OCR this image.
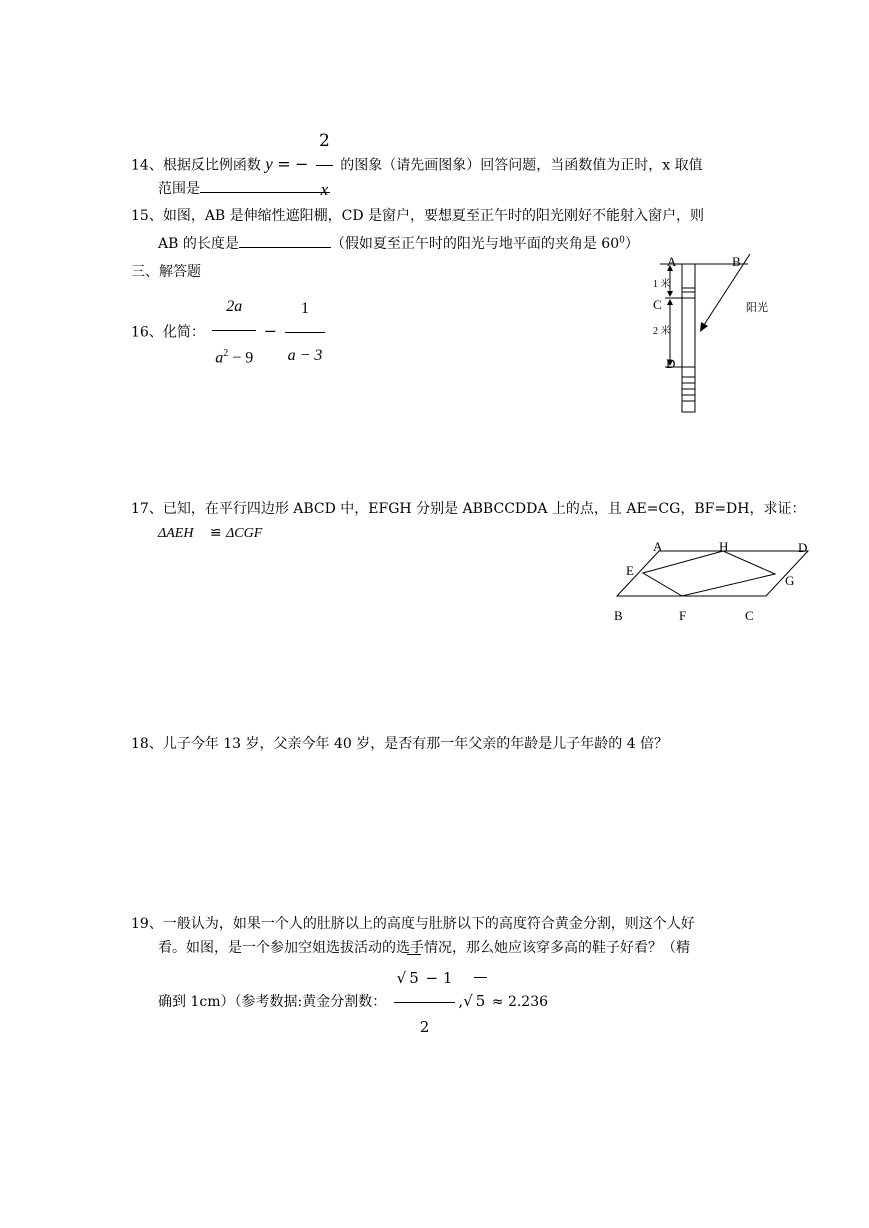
14、根据反比例函数 y = − $\frac{2}{x}$ 的图象（请先画图象）回答问题，当函数值为正时，x 取值
范围是
15、如图，AB 是伸缩性遮阳棚，CD 是窗户，要想夏至正午时的阳光刚好不能射入窗户，则
AB 的长度是	（假如夏至正午时的阳光与地平面的夹角是 $60^0$）
三、解答题
16、化简： $\frac{2a}{a^2 - 9} - \frac{1}{a - 3}$
A	B
C
D
1 米
2 米
阳光
17、已知，在平行四边形 ABCD 中，EFGH 分别是 ABBCCDDA 上的点，且 AE=CG，BF=DH，求证：
ΔAEH ≌ ΔCGF
A	H	D
E
G
B	F	C
18、儿子今年 13 岁，父亲今年 40 岁，是否有那一年父亲的年龄是儿子年龄的 4 倍？
19、一般认为，如果一个人的肚脐以上的高度与肚脐以下的高度符合黄金分割，则这个人好
看。如图，是一个参加空姐选拔活动的选手情况，那么她应该穿多高的鞋子好看？（精
确到 1cm）（参考数据:黄金分割数： $\frac{√ 5 - 1}{2}$ ,√ 5 ≈ 2.236
